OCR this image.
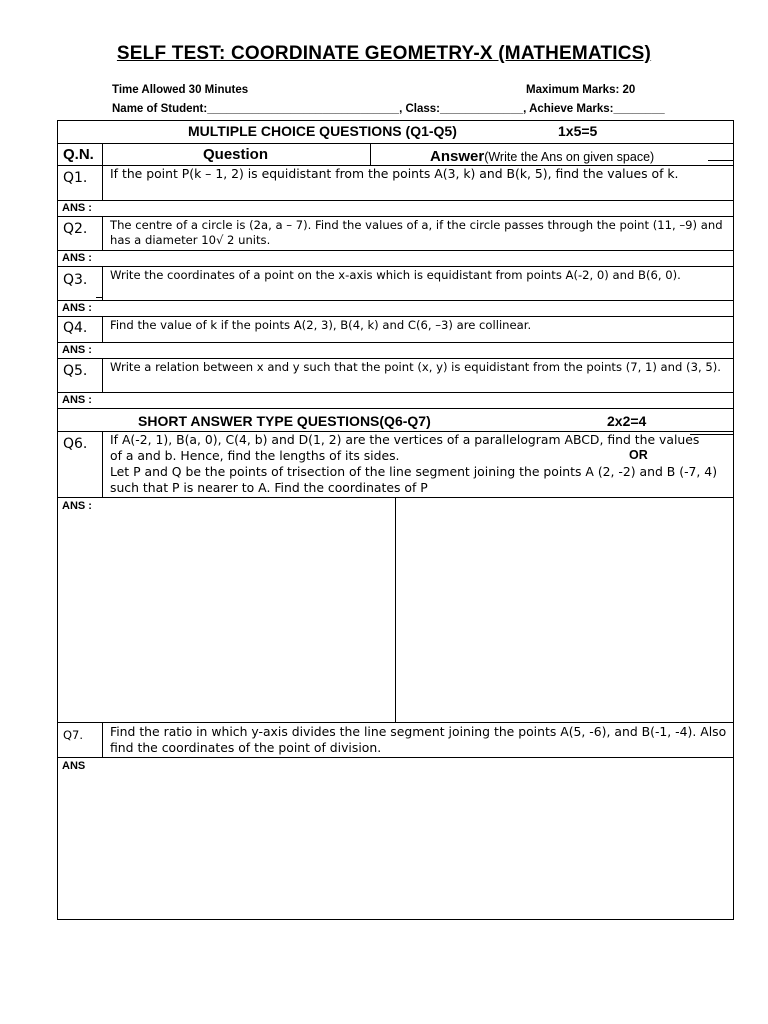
SELF TEST: COORDINATE GEOMETRY-X (MATHEMATICS)
Time Allowed 30 Minutes	Maximum Marks: 20
Name of Student:______________________________, Class:_____________, Achieve Marks:________
MULTIPLE CHOICE QUESTIONS (Q1-Q5)	1x5=5
Q.N.	Question	Answer(Write the Ans on given space)
Q1. If the point P(k – 1, 2) is equidistant from the points A(3, k) and B(k, 5), find the values of k.
ANS :
Q2. The centre of a circle is (2a, a – 7). Find the values of a, if the circle passes through the point (11, –9) and has a diameter 10√ 2 units.
ANS :
Q3. Write the coordinates of a point on the x-axis which is equidistant from points A(-2, 0) and B(6, 0).
ANS :
Q4. Find the value of k if the points A(2, 3), B(4, k) and C(6, –3) are collinear.
ANS :
Q5. Write a relation between x and y such that the point (x, y) is equidistant from the points (7, 1) and (3, 5).
ANS :
SHORT ANSWER TYPE QUESTIONS(Q6-Q7)	2x2=4
Q6. If A(-2, 1), B(a, 0), C(4, b) and D(1, 2) are the vertices of a parallelogram ABCD, find the values of a and b. Hence, find the lengths of its sides.	OR
Let P and Q be the points of trisection of the line segment joining the points A (2, -2) and B (-7, 4) such that P is nearer to A. Find the coordinates of P
ANS :
Q7. Find the ratio in which y-axis divides the line segment joining the points A(5, -6), and B(-1, -4). Also find the coordinates of the point of division.
ANS
